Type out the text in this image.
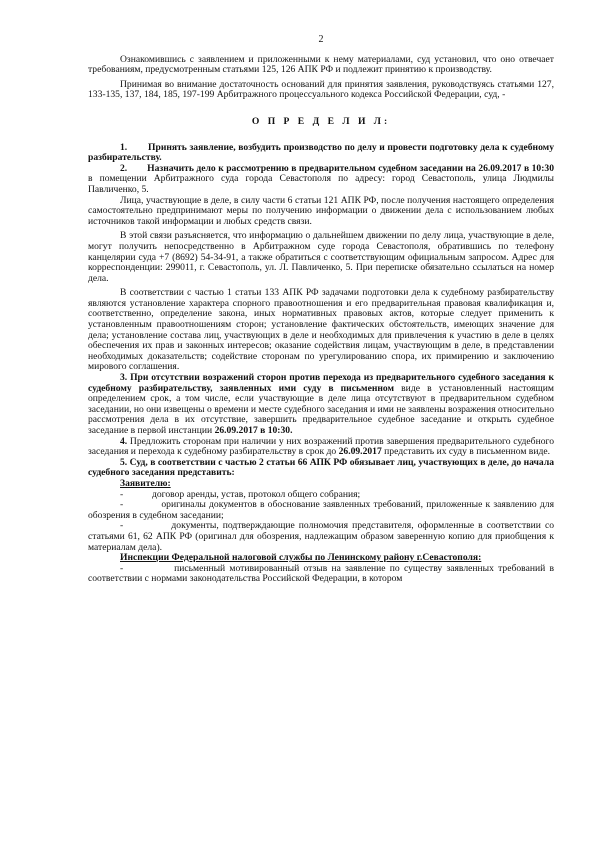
2

Ознакомившись с заявлением и приложенными к нему материалами, суд установил, что оно отвечает требованиям, предусмотренным статьями 125, 126 АПК РФ и подлежит принятию к производству.

Принимая во внимание достаточность оснований для принятия заявления, руководствуясь статьями 127, 133-135, 137, 184, 185, 197-199 Арбитражного процессуального кодекса Российской Федерации, суд, -

О П Р Е Д Е Л И Л:

1. Принять заявление, возбудить производство по делу и провести подготовку дела к судебному разбирательству.

2. Назначить дело к рассмотрению в предварительном судебном заседании на 26.09.2017 в 10:30 в помещении Арбитражного суда города Севастополя по адресу: город Севастополь, улица Людмилы Павличенко, 5.

Лица, участвующие в деле, в силу части 6 статьи 121 АПК РФ, после получения настоящего определения самостоятельно предпринимают меры по получению информации о движении дела с использованием любых источников такой информации и любых средств связи.

В этой связи разъясняется, что информацию о дальнейшем движении по делу лица, участвующие в деле, могут получить непосредственно в Арбитражном суде города Севастополя, обратившись по телефону канцелярии суда +7 (8692) 54-34-91, а также обратиться с соответствующим официальным запросом. Адрес для корреспонденции: 299011, г. Севастополь, ул. Л. Павличенко, 5. При переписке обязательно ссылаться на номер дела.

В соответствии с частью 1 статьи 133 АПК РФ задачами подготовки дела к судебному разбирательству являются установление характера спорного правоотношения и его предварительная правовая квалификация и, соответственно, определение закона, иных нормативных правовых актов, которые следует применить к установленным правоотношениям сторон; установление фактических обстоятельств, имеющих значение для дела; установление состава лиц, участвующих в деле и необходимых для привлечения к участию в деле в целях обеспечения их прав и законных интересов; оказание содействия лицам, участвующим в деле, в представлении необходимых доказательств; содействие сторонам по урегулированию спора, их примирению и заключению мирового соглашения.

3. При отсутствии возражений сторон против перехода из предварительного судебного заседания к судебному разбирательству, заявленных ими суду в письменном виде в установленный настоящим определением срок, а том числе, если участвующие в деле лица отсутствуют в предварительном судебном заседании, но они извещены о времени и месте судебного заседания и ими не заявлены возражения относительно рассмотрения дела в их отсутствие, завершить предварительное судебное заседание и открыть судебное заседание в первой инстанции 26.09.2017 в 10:30.

4. Предложить сторонам при наличии у них возражений против завершения предварительного судебного заседания и перехода к судебному разбирательству в срок до 26.09.2017 представить их суду в письменном виде.

5. Суд, в соответствии с частью 2 статьи 66 АПК РФ обязывает лиц, участвующих в деле, до начала судебного заседания представить:

Заявителю:

-	договор аренды, устав, протокол общего собрания;

-	оригиналы документов в обоснование заявленных требований, приложенные к заявлению для обозрения в судебном заседании;

-	документы, подтверждающие полномочия представителя, оформленные в соответствии со статьями 61, 62 АПК РФ (оригинал для обозрения, надлежащим образом заверенную копию для приобщения к материалам дела).

Инспекции Федеральной налоговой службы по Ленинскому району г.Севастополя:

-	письменный мотивированный отзыв на заявление по существу заявленных требований в соответствии с нормами законодательства Российской Федерации, в котором
